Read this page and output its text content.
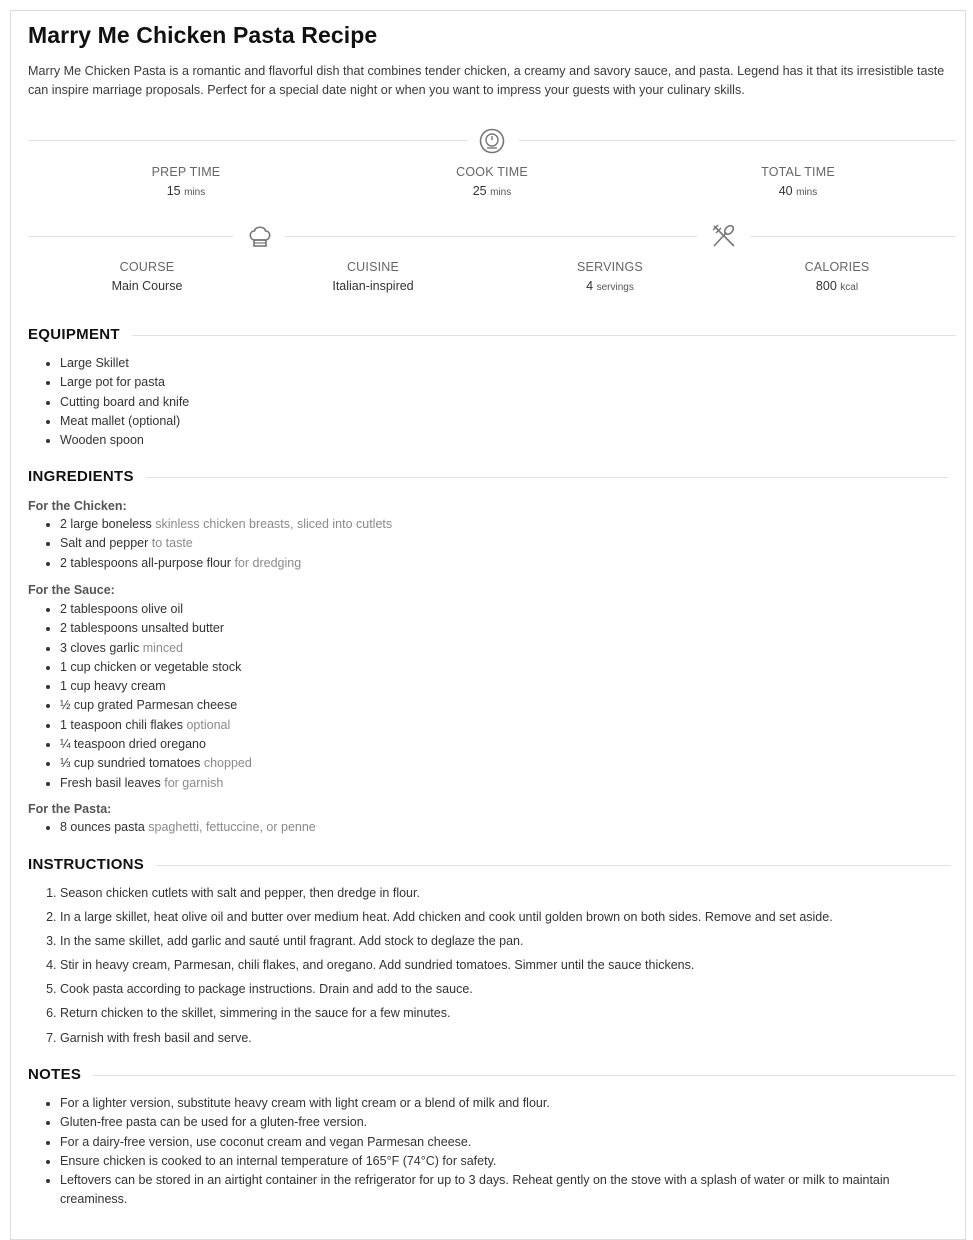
Marry Me Chicken Pasta Recipe

Marry Me Chicken Pasta is a romantic and flavorful dish that combines tender chicken, a creamy and savory sauce, and pasta. Legend has it that its irresistible taste can inspire marriage proposals. Perfect for a special date night or when you want to impress your guests with your culinary skills.

PREP TIME
15 mins
COOK TIME
25 mins
TOTAL TIME
40 mins
COURSE
Main Course
CUISINE
Italian-inspired
SERVINGS
4 servings
CALORIES
800 kcal
EQUIPMENT
• Large Skillet
• Large pot for pasta
• Cutting board and knife
• Meat mallet (optional)
• Wooden spoon
INGREDIENTS
For the Chicken:
• 2 large boneless skinless chicken breasts, sliced into cutlets
• Salt and pepper to taste
• 2 tablespoons all-purpose flour for dredging
For the Sauce:
• 2 tablespoons olive oil
• 2 tablespoons unsalted butter
• 3 cloves garlic minced
• 1 cup chicken or vegetable stock
• 1 cup heavy cream
• ½ cup grated Parmesan cheese
• 1 teaspoon chili flakes optional
• ¼ teaspoon dried oregano
• ⅓ cup sundried tomatoes chopped
• Fresh basil leaves for garnish
For the Pasta:
• 8 ounces pasta spaghetti, fettuccine, or penne
INSTRUCTIONS
1. Season chicken cutlets with salt and pepper, then dredge in flour.
2. In a large skillet, heat olive oil and butter over medium heat. Add chicken and cook until golden brown on both sides. Remove and set aside.
3. In the same skillet, add garlic and sauté until fragrant. Add stock to deglaze the pan.
4. Stir in heavy cream, Parmesan, chili flakes, and oregano. Add sundried tomatoes. Simmer until the sauce thickens.
5. Cook pasta according to package instructions. Drain and add to the sauce.
6. Return chicken to the skillet, simmering in the sauce for a few minutes.
7. Garnish with fresh basil and serve.
NOTES
• For a lighter version, substitute heavy cream with light cream or a blend of milk and flour.
• Gluten-free pasta can be used for a gluten-free version.
• For a dairy-free version, use coconut cream and vegan Parmesan cheese.
• Ensure chicken is cooked to an internal temperature of 165°F (74°C) for safety.
• Leftovers can be stored in an airtight container in the refrigerator for up to 3 days. Reheat gently on the stove with a splash of water or milk to maintain creaminess.
